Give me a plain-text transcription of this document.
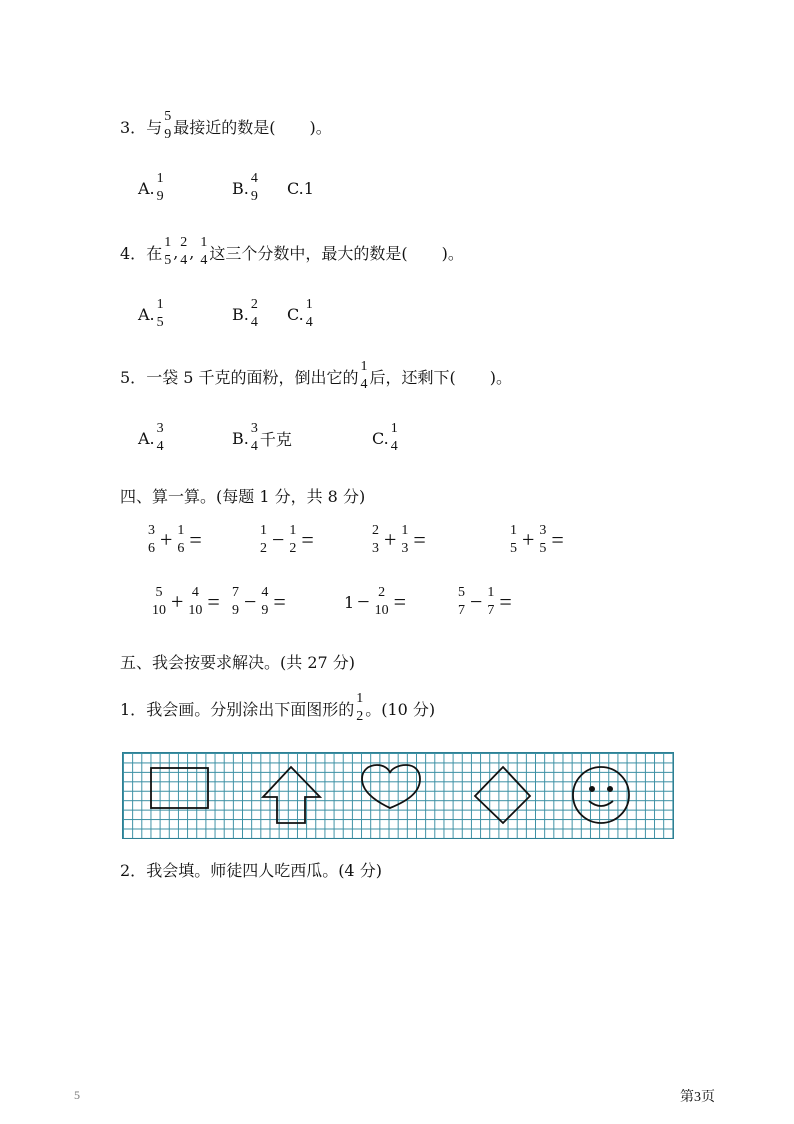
3． 与
5
9 最接近的数是( )。
A. 1
9	B. 4
9 C.1
4． 在
1
5 , 2
4 , 1
4 这三个分数中，最大的数是( )。
A. 1
5	B. 2
4 C. 1
4
5． 一袋 5 千克的面粉，倒出它的
1
4 后，还剩下( )。
A. 3
4	B. 3
4 千克	C. 1
4
四、算一算。(每题 1 分，共 8 分)
3
6 + 1
6 =	1
2 − 1
2 =	2
3 + 1
3 =	1
5 + 3
5 =
5
10 + 4
10 = 7
9 − 4
9 =	1 − 2
10 =	5
7 − 1
7 =
五、我会按要求解决。(共 27 分)
1． 我会画。分别涂出下面图形的
1
2 。(10 分)
2． 我会填。师徒四人吃西瓜。(4 分)
5	第3页
